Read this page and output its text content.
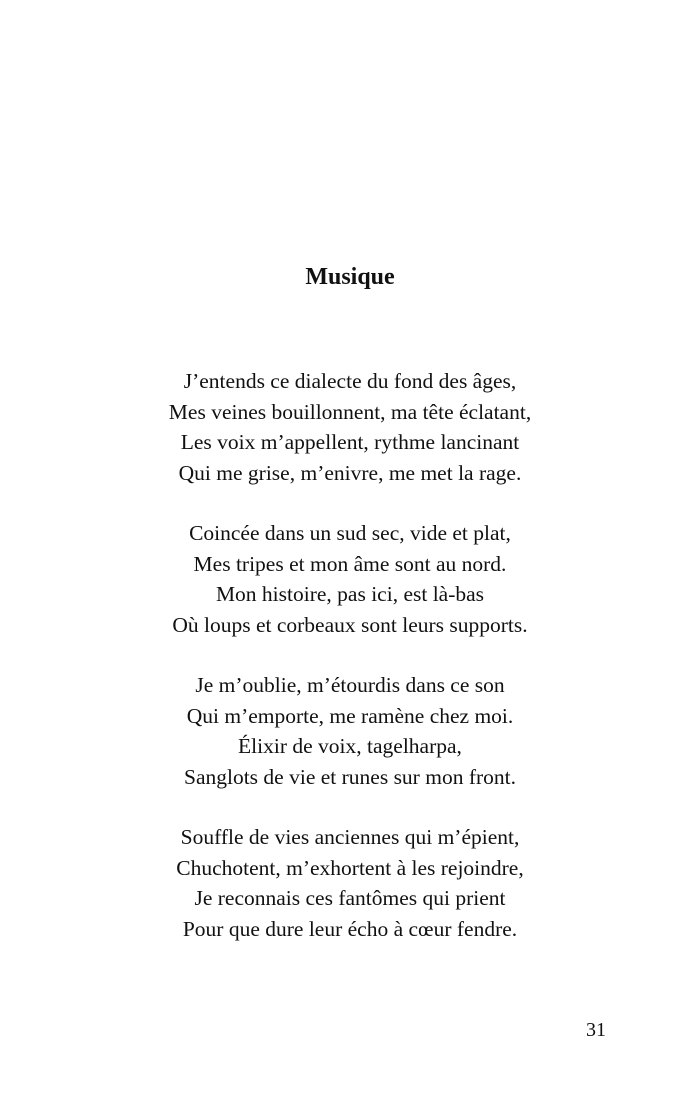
Musique
J’entends ce dialecte du fond des âges,
Mes veines bouillonnent, ma tête éclatant,
Les voix m’appellent, rythme lancinant
Qui me grise, m’enivre, me met la rage.
Coincée dans un sud sec, vide et plat,
Mes tripes et mon âme sont au nord.
Mon histoire, pas ici, est là-bas
Où loups et corbeaux sont leurs supports.
Je m’oublie, m’étourdis dans ce son
Qui m’emporte, me ramène chez moi.
Élixir de voix, tagelharpa,
Sanglots de vie et runes sur mon front.
Souffle de vies anciennes qui m’épient,
Chuchotent, m’exhortent à les rejoindre,
Je reconnais ces fantômes qui prient
Pour que dure leur écho à cœur fendre.
31
